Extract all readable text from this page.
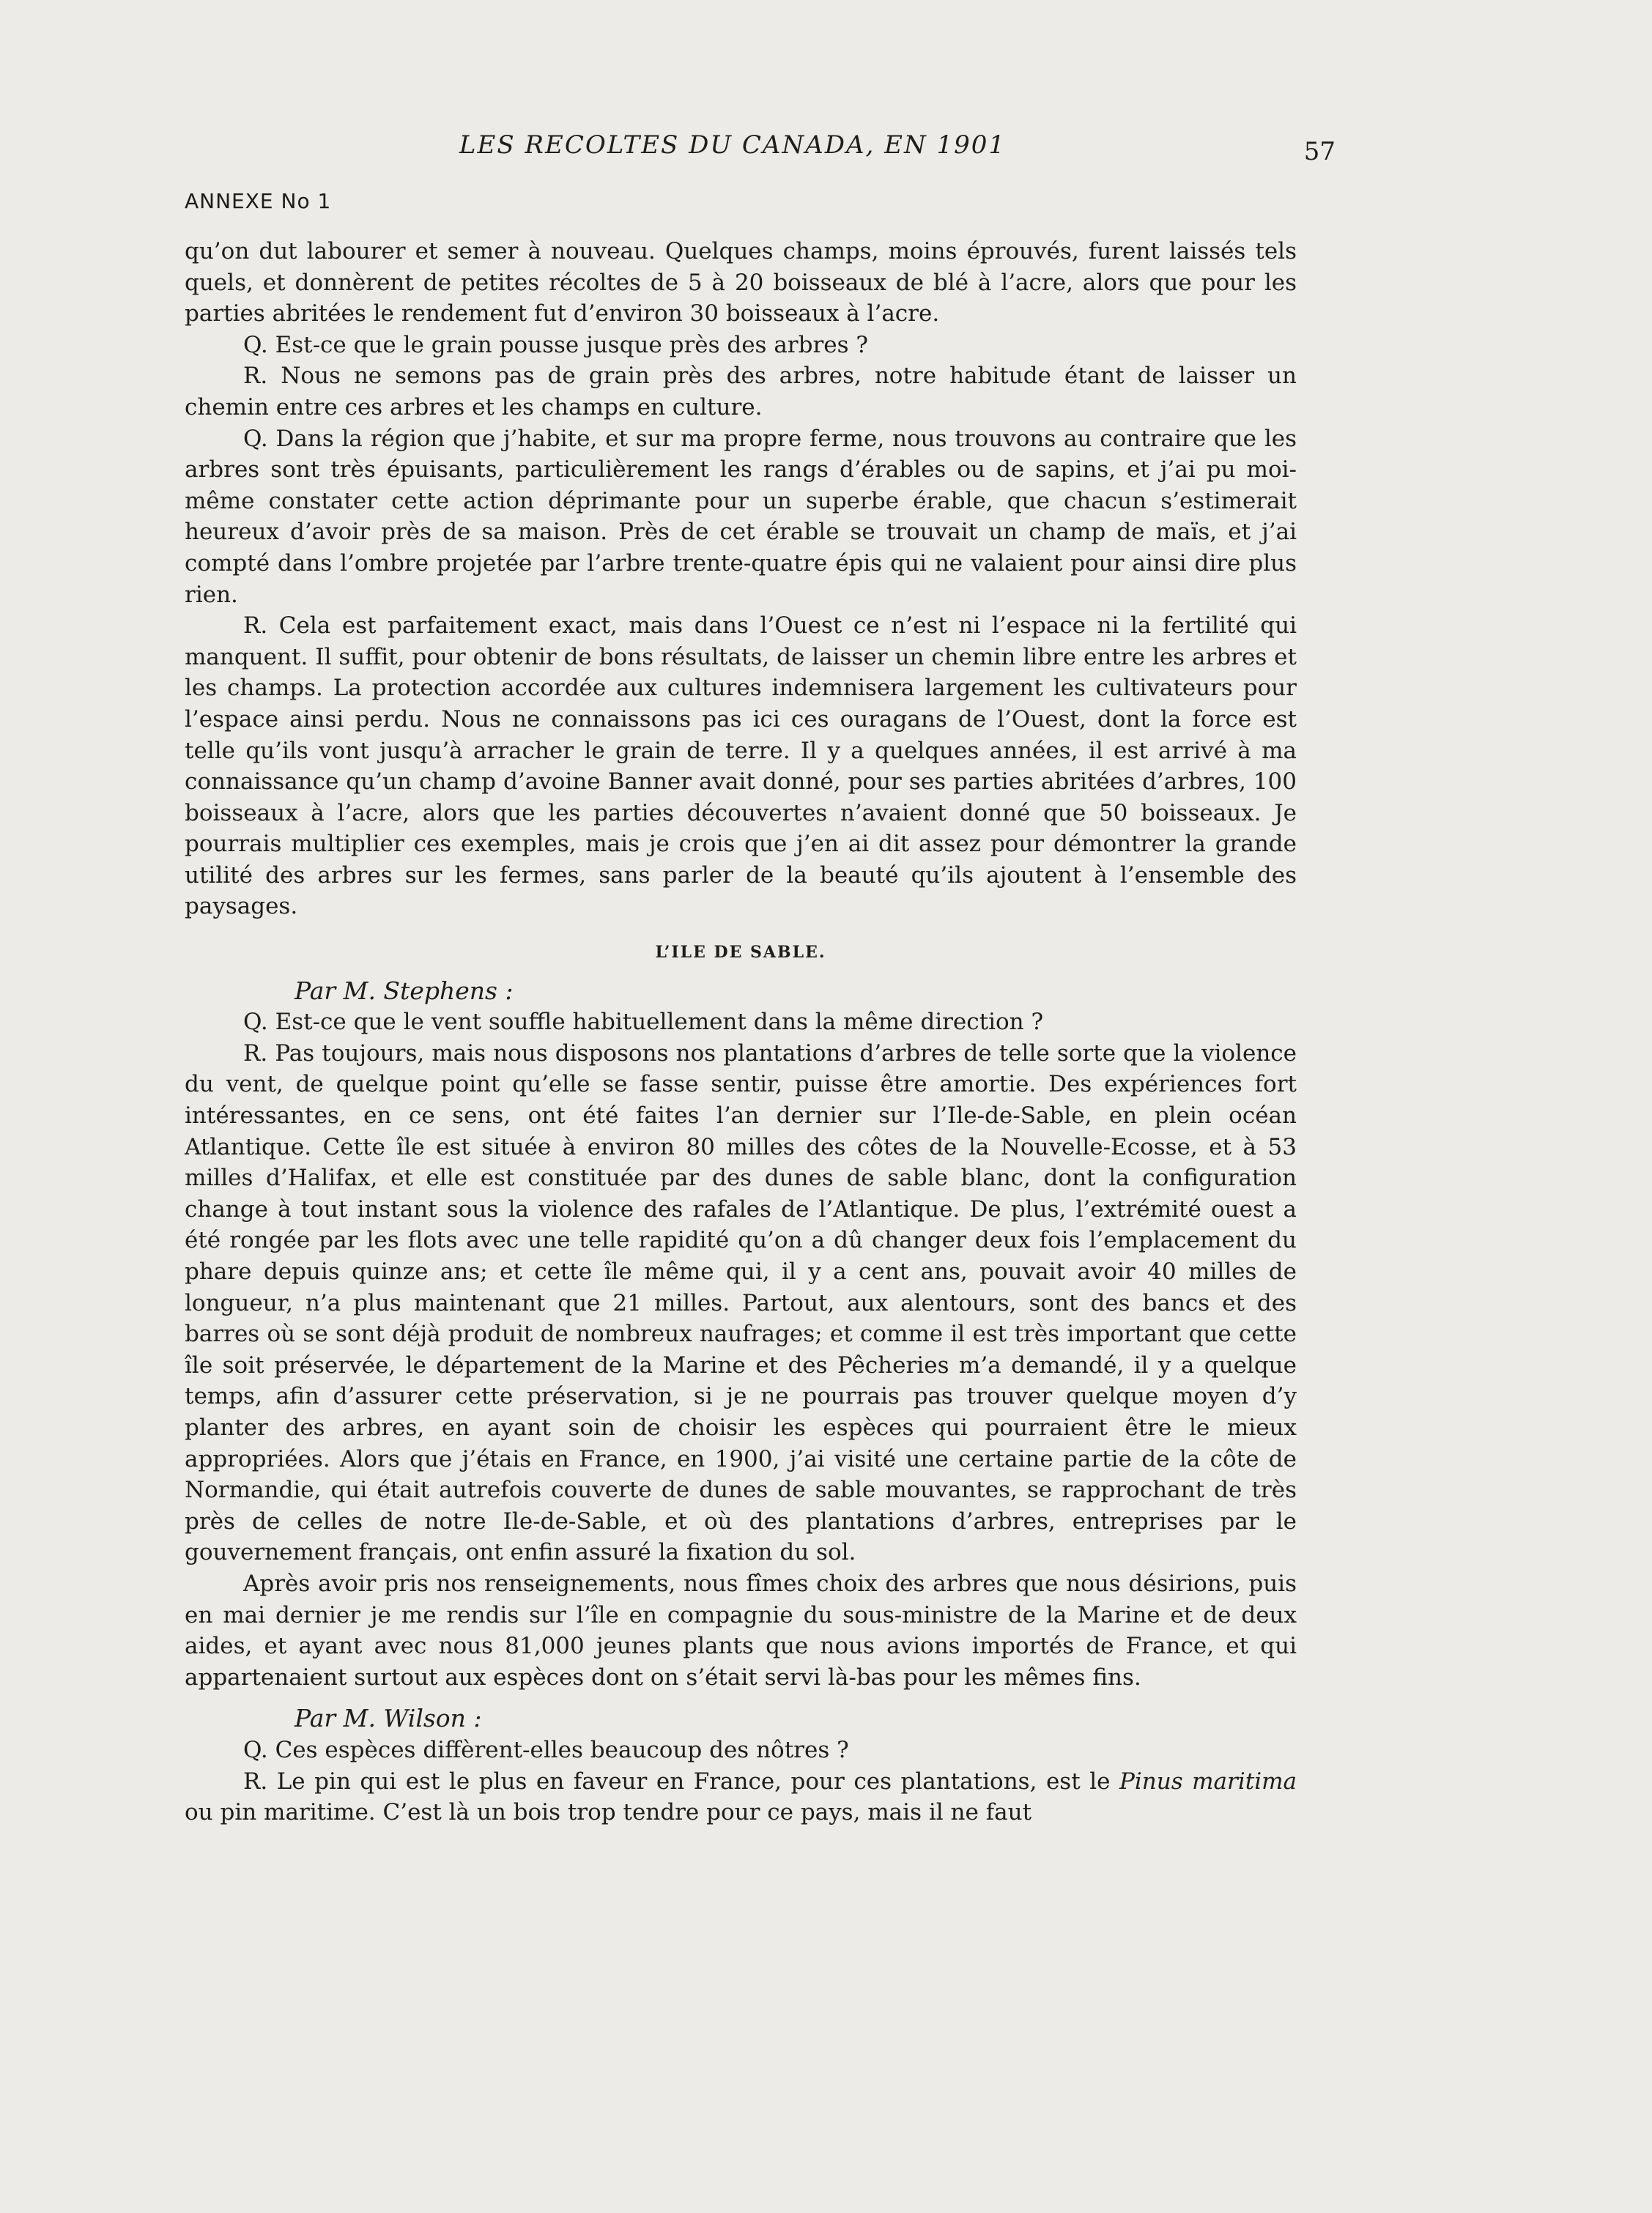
LES RECOLTES DU CANADA, EN 1901	57
ANNEXE No 1

qu’on dut labourer et semer à nouveau. Quelques champs, moins éprouvés, furent laissés tels quels, et donnèrent de petites récoltes de 5 à 20 boisseaux de blé à l’acre, alors que pour les parties abritées le rendement fut d’environ 30 boisseaux à l’acre.

Q. Est-ce que le grain pousse jusque près des arbres ?

R. Nous ne semons pas de grain près des arbres, notre habitude étant de laisser un chemin entre ces arbres et les champs en culture.

Q. Dans la région que j’habite, et sur ma propre ferme, nous trouvons au contraire que les arbres sont très épuisants, particulièrement les rangs d’érables ou de sapins, et j’ai pu moi-même constater cette action déprimante pour un superbe érable, que chacun s’estimerait heureux d’avoir près de sa maison. Près de cet érable se trouvait un champ de maïs, et j’ai compté dans l’ombre projetée par l’arbre trente-quatre épis qui ne valaient pour ainsi dire plus rien.

R. Cela est parfaitement exact, mais dans l’Ouest ce n’est ni l’espace ni la fertilité qui manquent. Il suffit, pour obtenir de bons résultats, de laisser un chemin libre entre les arbres et les champs. La protection accordée aux cultures indemnisera largement les cultivateurs pour l’espace ainsi perdu. Nous ne connaissons pas ici ces ouragans de l’Ouest, dont la force est telle qu’ils vont jusqu’à arracher le grain de terre. Il y a quelques années, il est arrivé à ma connaissance qu’un champ d’avoine Banner avait donné, pour ses parties abritées d’arbres, 100 boisseaux à l’acre, alors que les parties découvertes n’avaient donné que 50 boisseaux. Je pourrais multiplier ces exemples, mais je crois que j’en ai dit assez pour démontrer la grande utilité des arbres sur les fermes, sans parler de la beauté qu’ils ajoutent à l’ensemble des paysages.

L’ILE DE SABLE.

Par M. Stephens :

Q. Est-ce que le vent souffle habituellement dans la même direction ?

R. Pas toujours, mais nous disposons nos plantations d’arbres de telle sorte que la violence du vent, de quelque point qu’elle se fasse sentir, puisse être amortie. Des expériences fort intéressantes, en ce sens, ont été faites l’an dernier sur l’Ile-de-Sable, en plein océan Atlantique. Cette île est située à environ 80 milles des côtes de la Nouvelle-Ecosse, et à 53 milles d’Halifax, et elle est constituée par des dunes de sable blanc, dont la configuration change à tout instant sous la violence des rafales de l’Atlantique. De plus, l’extrémité ouest a été rongée par les flots avec une telle rapidité qu’on a dû changer deux fois l’emplacement du phare depuis quinze ans; et cette île même qui, il y a cent ans, pouvait avoir 40 milles de longueur, n’a plus maintenant que 21 milles. Partout, aux alentours, sont des bancs et des barres où se sont déjà produit de nombreux naufrages; et comme il est très important que cette île soit préservée, le département de la Marine et des Pêcheries m’a demandé, il y a quelque temps, afin d’assurer cette préservation, si je ne pourrais pas trouver quelque moyen d’y planter des arbres, en ayant soin de choisir les espèces qui pourraient être le mieux appropriées. Alors que j’étais en France, en 1900, j’ai visité une certaine partie de la côte de Normandie, qui était autrefois couverte de dunes de sable mouvantes, se rapprochant de très près de celles de notre Ile-de-Sable, et où des plantations d’arbres, entreprises par le gouvernement français, ont enfin assuré la fixation du sol.

Après avoir pris nos renseignements, nous fîmes choix des arbres que nous désirions, puis en mai dernier je me rendis sur l’île en compagnie du sous-ministre de la Marine et de deux aides, et ayant avec nous 81,000 jeunes plants que nous avions importés de France, et qui appartenaient surtout aux espèces dont on s’était servi là-bas pour les mêmes fins.

Par M. Wilson :

Q. Ces espèces diffèrent-elles beaucoup des nôtres ?

R. Le pin qui est le plus en faveur en France, pour ces plantations, est le Pinus maritima ou pin maritime. C’est là un bois trop tendre pour ce pays, mais il ne faut
